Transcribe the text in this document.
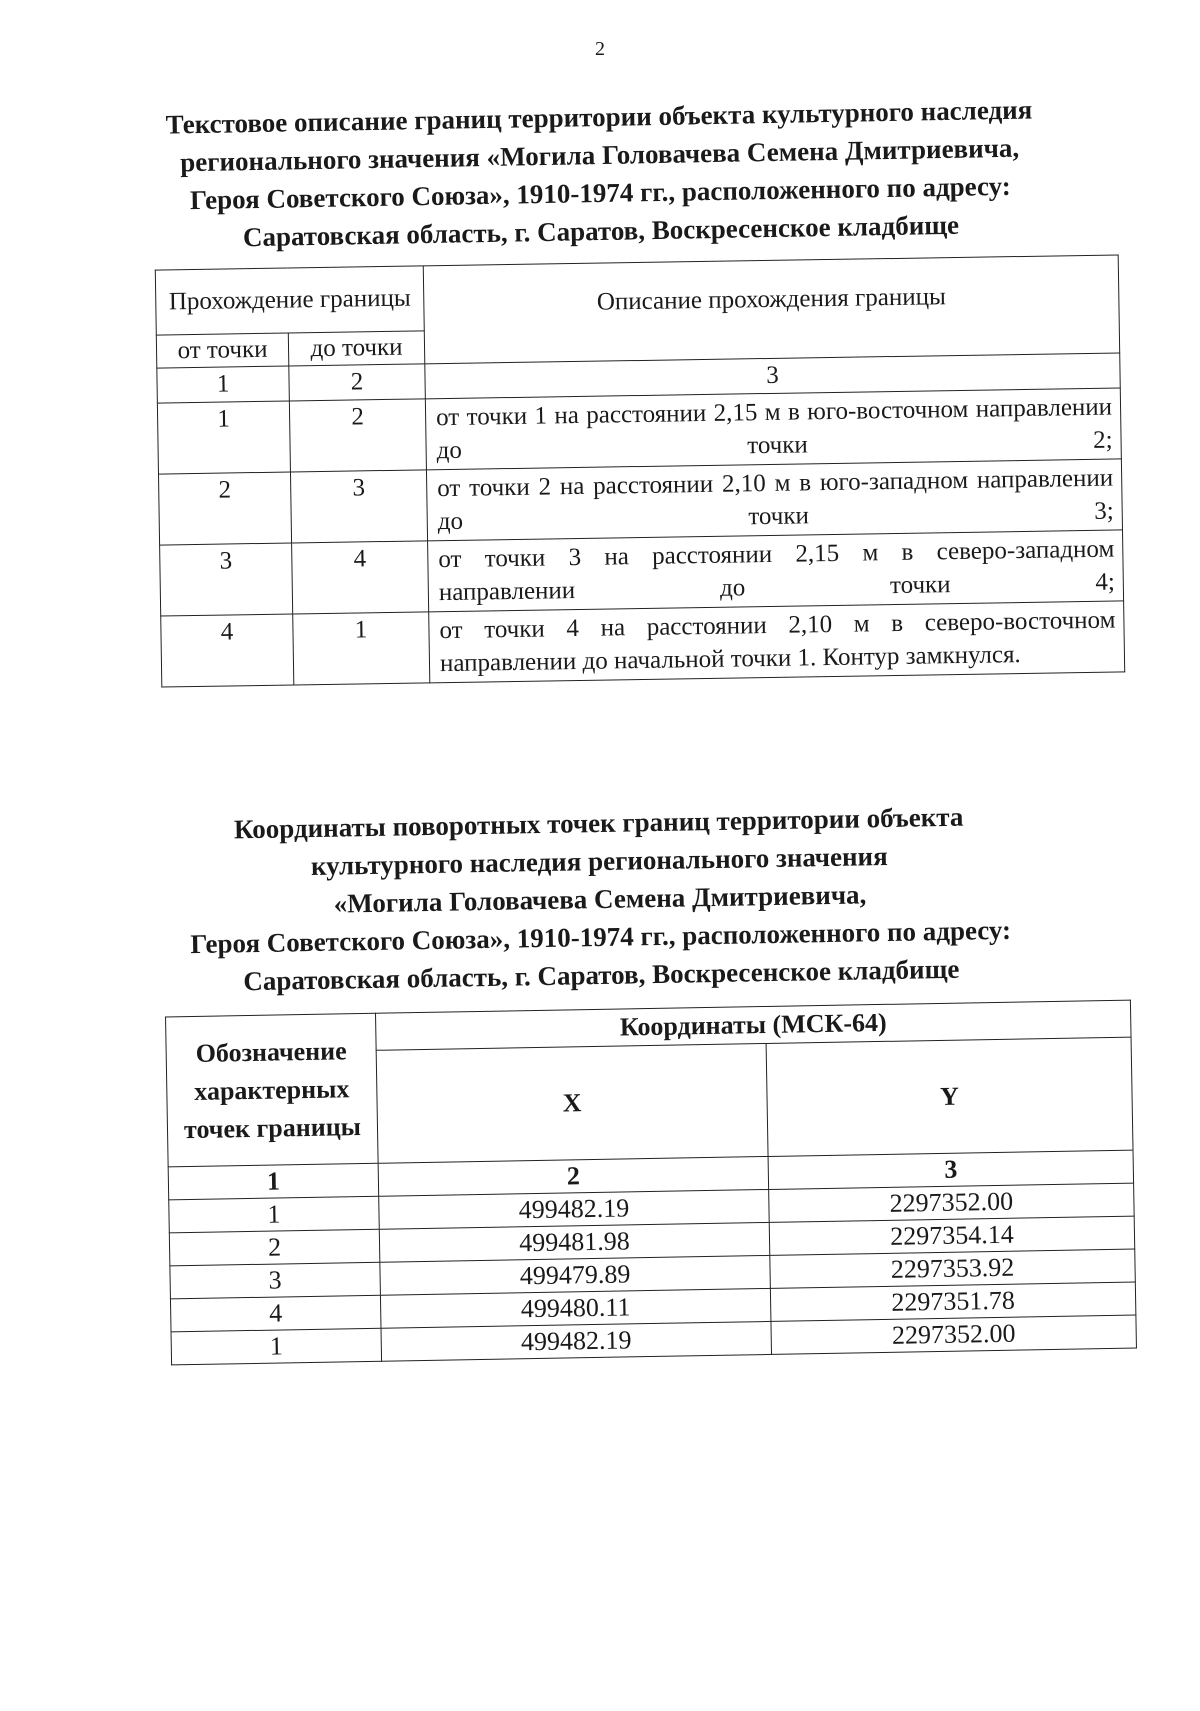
2
Текстовое описание границ территории объекта культурного наследия
регионального значения «Могила Головачева Семена Дмитриевича,
Героя Советского Союза», 1910-1974 гг., расположенного по адресу:
Саратовская область, г. Саратов, Воскресенское кладбище
Прохождение границы		Описание прохождения границы
от точки	до точки	
1	2	3
1	2	от точки 1 на расстоянии 2,15 м в юго-восточном направлении до точки 2;
2	3	от точки 2 на расстоянии 2,10 м в юго-западном направлении до точки 3;
3	4	от точки 3 на расстоянии 2,15 м в северо-западном направлении до точки 4;
4	1	от точки 4 на расстоянии 2,10 м в северо-восточном направлении до начальной точки 1. Контур замкнулся.
Координаты поворотных точек границ территории объекта
культурного наследия регионального значения
«Могила Головачева Семена Дмитриевича,
Героя Советского Союза», 1910-1974 гг., расположенного по адресу:
Саратовская область, г. Саратов, Воскресенское кладбище
Обозначение характерных точек границы	Координаты (МСК-64)	
	X	Y
1	2	3
1	499482.19	2297352.00
2	499481.98	2297354.14
3	499479.89	2297353.92
4	499480.11	2297351.78
1	499482.19	2297352.00
